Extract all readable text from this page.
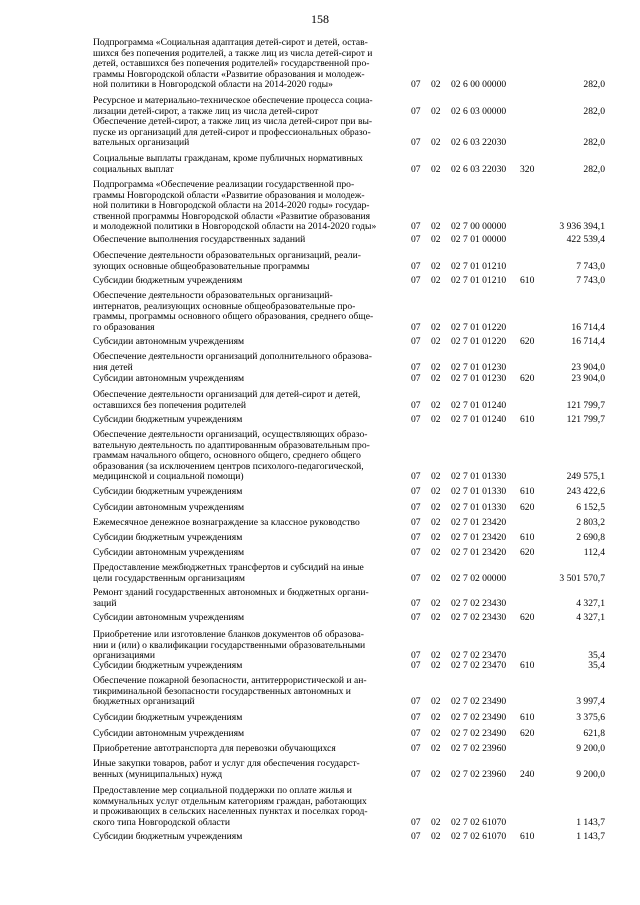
158
Подпрограмма «Социальная адаптация детей-сирот и детей, остав-
шихся без попечения родителей, а также лиц из числа детей-сирот и
детей, оставшихся без попечения родителей» государственной про-
граммы Новгородской области «Развитие образования и молодеж-
ной политики в Новгородской области на 2014-2020 годы»	07 02 02 6 00 00000	282,0
Ресурсное и материально-техническое обеспечение процесса социа-
лизации детей-сирот, а также лиц из числа детей-сирот	07 02 02 6 03 00000	282,0
Обеспечение детей-сирот, а также лиц из числа детей-сирот при вы-
пуске из организаций для детей-сирот и профессиональных образо-
вательных организаций	07 02 02 6 03 22030	282,0
Социальные выплаты гражданам, кроме публичных нормативных
социальных выплат	07 02 02 6 03 22030 320	282,0
Подпрограмма «Обеспечение реализации государственной про-
граммы Новгородской области «Развитие образования и молодеж-
ной политики в Новгородской области на 2014-2020 годы» госудаp-
ственной программы Новгородской области «Развитие образования
и молодежной политики в Новгородской области на 2014-2020 годы»	07 02 02 7 00 00000	3 936 394,1
Обеспечение выполнения государственных заданий	07 02 02 7 01 00000	422 539,4
Обеспечение деятельности образовательных организаций, реали-
зующих основные общеобразовательные программы	07 02 02 7 01 01210	7 743,0
Субсидии бюджетным учреждениям	07 02 02 7 01 01210 610	7 743,0
Обеспечение деятельности образовательных организаций-
интернатов, реализующих основные общеобразовательные про-
граммы, программы основного общего образования, среднего обще-
го образования	07 02 02 7 01 01220	16 714,4
Субсидии автономным учреждениям	07 02 02 7 01 01220 620	16 714,4
Обеспечение деятельности организаций дополнительного образова-
ния детей	07 02 02 7 01 01230	23 904,0
Субсидии автономным учреждениям	07 02 02 7 01 01230 620	23 904,0
Обеспечение деятельности организаций для детей-сирот и детей,
оставшихся без попечения родителей	07 02 02 7 01 01240	121 799,7
Субсидии бюджетным учреждениям	07 02 02 7 01 01240 610	121 799,7
Обеспечение деятельности организаций, осуществляющих образо-
вательную деятельность по адаптированным образовательным про-
граммам начального общего, основного общего, среднего общего
образования (за исключением центров психолого-педагогической,
медицинской и социальной помощи)	07 02 02 7 01 01330	249 575,1
Субсидии бюджетным учреждениям	07 02 02 7 01 01330 610	243 422,6
Субсидии автономным учреждениям	07 02 02 7 01 01330 620	6 152,5
Ежемесячное денежное вознаграждение за классное руководство	07 02 02 7 01 23420	2 803,2
Субсидии бюджетным учреждениям	07 02 02 7 01 23420 610	2 690,8
Субсидии автономным учреждениям	07 02 02 7 01 23420 620	112,4
Предоставление межбюджетных трансфертов и субсидий на иные
цели государственным организациям	07 02 02 7 02 00000	3 501 570,7
Ремонт зданий государственных автономных и бюджетных органи-
заций	07 02 02 7 02 23430	4 327,1
Субсидии автономным учреждениям	07 02 02 7 02 23430 620	4 327,1
Приобретение или изготовление бланков документов об образова-
нии и (или) о квалификации государственными образовательными
организациями	07 02 02 7 02 23470	35,4
Субсидии бюджетным учреждениям	07 02 02 7 02 23470 610	35,4
Обеспечение пожарной безопасности, антитеррористической и ан-
тикриминальной безопасности государственных автономных и
бюджетных организаций	07 02 02 7 02 23490	3 997,4
Субсидии бюджетным учреждениям	07 02 02 7 02 23490 610	3 375,6
Субсидии автономным учреждениям	07 02 02 7 02 23490 620	621,8
Приобретение автотранспорта для перевозки обучающихся	07 02 02 7 02 23960	9 200,0
Иные закупки товаров, работ и услуг для обеспечения государст-
венных (муниципальных) нужд	07 02 02 7 02 23960 240	9 200,0
Предоставление мер социальной поддержки по оплате жилья и
коммунальных услуг отдельным категориям граждан, работающих
и проживающих в сельских населенных пунктах и поселках город-
ского типа Новгородской области	07 02 02 7 02 61070	1 143,7
Субсидии бюджетным учреждениям	07 02 02 7 02 61070 610	1 143,7
